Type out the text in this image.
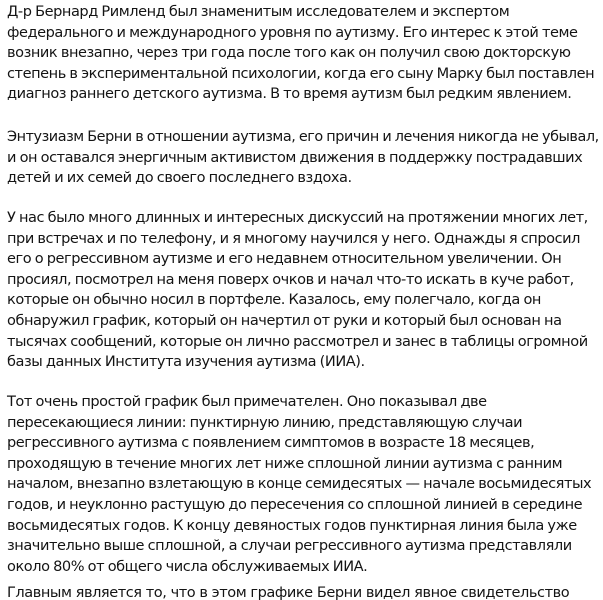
Д-р Бернард Римленд был знаменитым исследователем и экспертом
федерального и международного уровня по аутизму. Его интерес к этой теме
возник внезапно, через три года после того как он получил свою докторскую
степень в экспериментальной психологии, когда его сыну Марку был поставлен
диагноз раннего детского аутизма. В то время аутизм был редким явлением.

Энтузиазм Берни в отношении аутизма, его причин и лечения никогда не убывал,
и он оставался энергичным активистом движения в поддержку пострадавших
детей и их семей до своего последнего вздоха.

У нас было много длинных и интересных дискуссий на протяжении многих лет,
при встречах и по телефону, и я многому научился у него. Однажды я спросил
его о регрессивном аутизме и его недавнем относительном увеличении. Он
просиял, посмотрел на меня поверх очков и начал что-то искать в куче работ,
которые он обычно носил в портфеле. Казалось, ему полегчало, когда он
обнаружил график, который он начертил от руки и который был основан на
тысячах сообщений, которые он лично рассмотрел и занес в таблицы огромной
базы данных Института изучения аутизма (ИИА).

Тот очень простой график был примечателен. Оно показывал две
пересекающиеся линии: пунктирную линию, представляющую случаи
регрессивного аутизма с появлением симптомов в возрасте 18 месяцев,
проходящую в течение многих лет ниже сплошной линии аутизма с ранним
началом, внезапно взлетающую в конце семидесятых — начале восьмидесятых
годов, и неуклонно растущую до пересечения со сплошной линией в середине
восьмидесятых годов. К концу девяностых годов пунктирная линия была уже
значительно выше сплошной, а случаи регрессивного аутизма представляли
около 80% от общего числа обслуживаемых ИИА.

Главным является то, что в этом графике Берни видел явное свидетельство
